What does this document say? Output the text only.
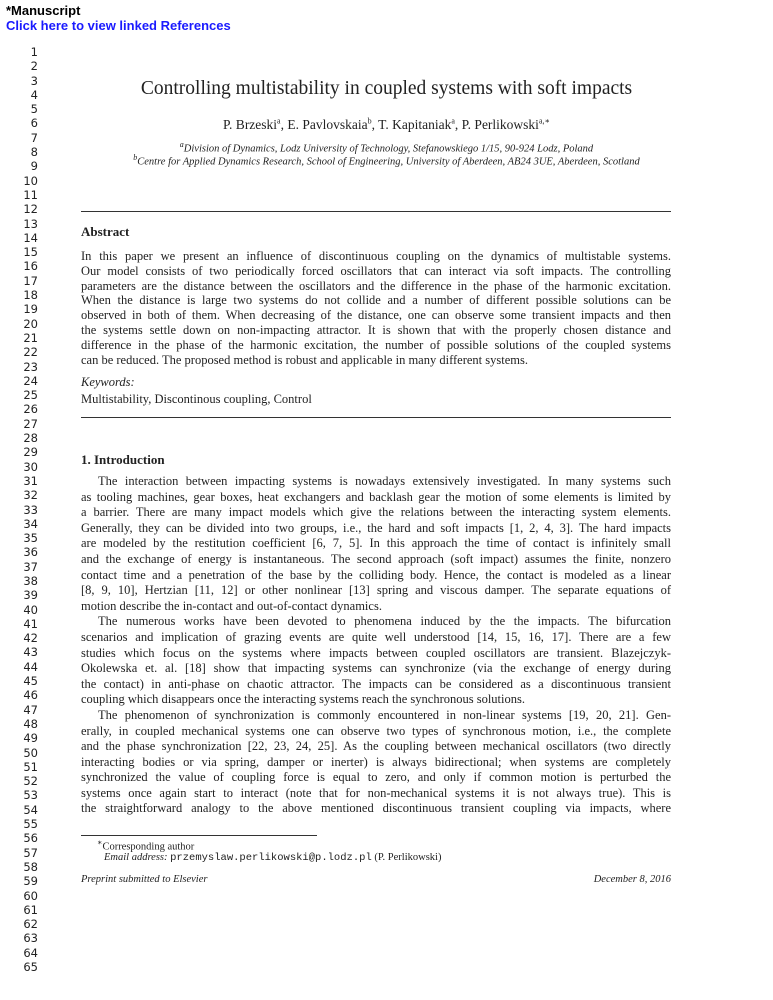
*Manuscript
Click here to view linked References
1
2
3
4
5
6
7
8
9
10
11
12
13
14
15
16
17
18
19
20
21
22
23
24
25
26
27
28
29
30
31
32
33
34
35
36
37
38
39
40
41
42
43
44
45
46
47
48
49
50
51
52
53
54
55
56
57
58
59
60
61
62
63
64
65
Controlling multistability in coupled systems with soft impacts
P. Brzeski$^a$, E. Pavlovskaia$^b$, T. Kapitaniak$^a$, P. Perlikowski$^{a,∗}$
$^a$Division of Dynamics, Lodz University of Technology, Stefanowskiego 1/15, 90-924 Lodz, Poland
$^b$Centre for Applied Dynamics Research, School of Engineering, University of Aberdeen, AB24 3UE, Aberdeen, Scotland
Abstract
In this paper we present an influence of discontinuous coupling on the dynamics of multistable systems.
Our model consists of two periodically forced oscillators that can interact via soft impacts. The controlling
parameters are the distance between the oscillators and the difference in the phase of the harmonic excitation.
When the distance is large two systems do not collide and a number of different possible solutions can be
observed in both of them. When decreasing of the distance, one can observe some transient impacts and then
the systems settle down on non-impacting attractor. It is shown that with the properly chosen distance and
difference in the phase of the harmonic excitation, the number of possible solutions of the coupled systems
can be reduced. The proposed method is robust and applicable in many different systems.
Keywords:
Multistability, Discontinous coupling, Control
1. Introduction
The interaction between impacting systems is nowadays extensively investigated. In many systems such
as tooling machines, gear boxes, heat exchangers and backlash gear the motion of some elements is limited by
a barrier. There are many impact models which give the relations between the interacting system elements.
Generally, they can be divided into two groups, i.e., the hard and soft impacts [1, 2, 4, 3]. The hard impacts
are modeled by the restitution coefficient [6, 7, 5]. In this approach the time of contact is infinitely small
and the exchange of energy is instantaneous. The second approach (soft impact) assumes the finite, nonzero
contact time and a penetration of the base by the colliding body. Hence, the contact is modeled as a linear
[8, 9, 10], Hertzian [11, 12] or other nonlinear [13] spring and viscous damper. The separate equations of
motion describe the in-contact and out-of-contact dynamics.
The numerous works have been devoted to phenomena induced by the the impacts. The bifurcation
scenarios and implication of grazing events are quite well understood [14, 15, 16, 17]. There are a few
studies which focus on the systems where impacts between coupled oscillators are transient. Blazejczyk-
Okolewska et. al. [18] show that impacting systems can synchronize (via the exchange of energy during
the contact) in anti-phase on chaotic attractor. The impacts can be considered as a discontinuous transient
coupling which disappears once the interacting systems reach the synchronous solutions.
The phenomenon of synchronization is commonly encountered in non-linear systems [19, 20, 21]. Gen-
erally, in coupled mechanical systems one can observe two types of synchronous motion, i.e., the complete
and the phase synchronization [22, 23, 24, 25]. As the coupling between mechanical oscillators (two directly
interacting bodies or via spring, damper or inerter) is always bidirectional; when systems are completely
synchronized the value of coupling force is equal to zero, and only if common motion is perturbed the
systems once again start to interact (note that for non-mechanical systems it is not always true). This is
the straightforward analogy to the above mentioned discontinuous transient coupling via impacts, where
∗Corresponding author
Email address: przemyslaw.perlikowski@p.lodz.pl (P. Perlikowski)
Preprint submitted to Elsevier	December 8, 2016
